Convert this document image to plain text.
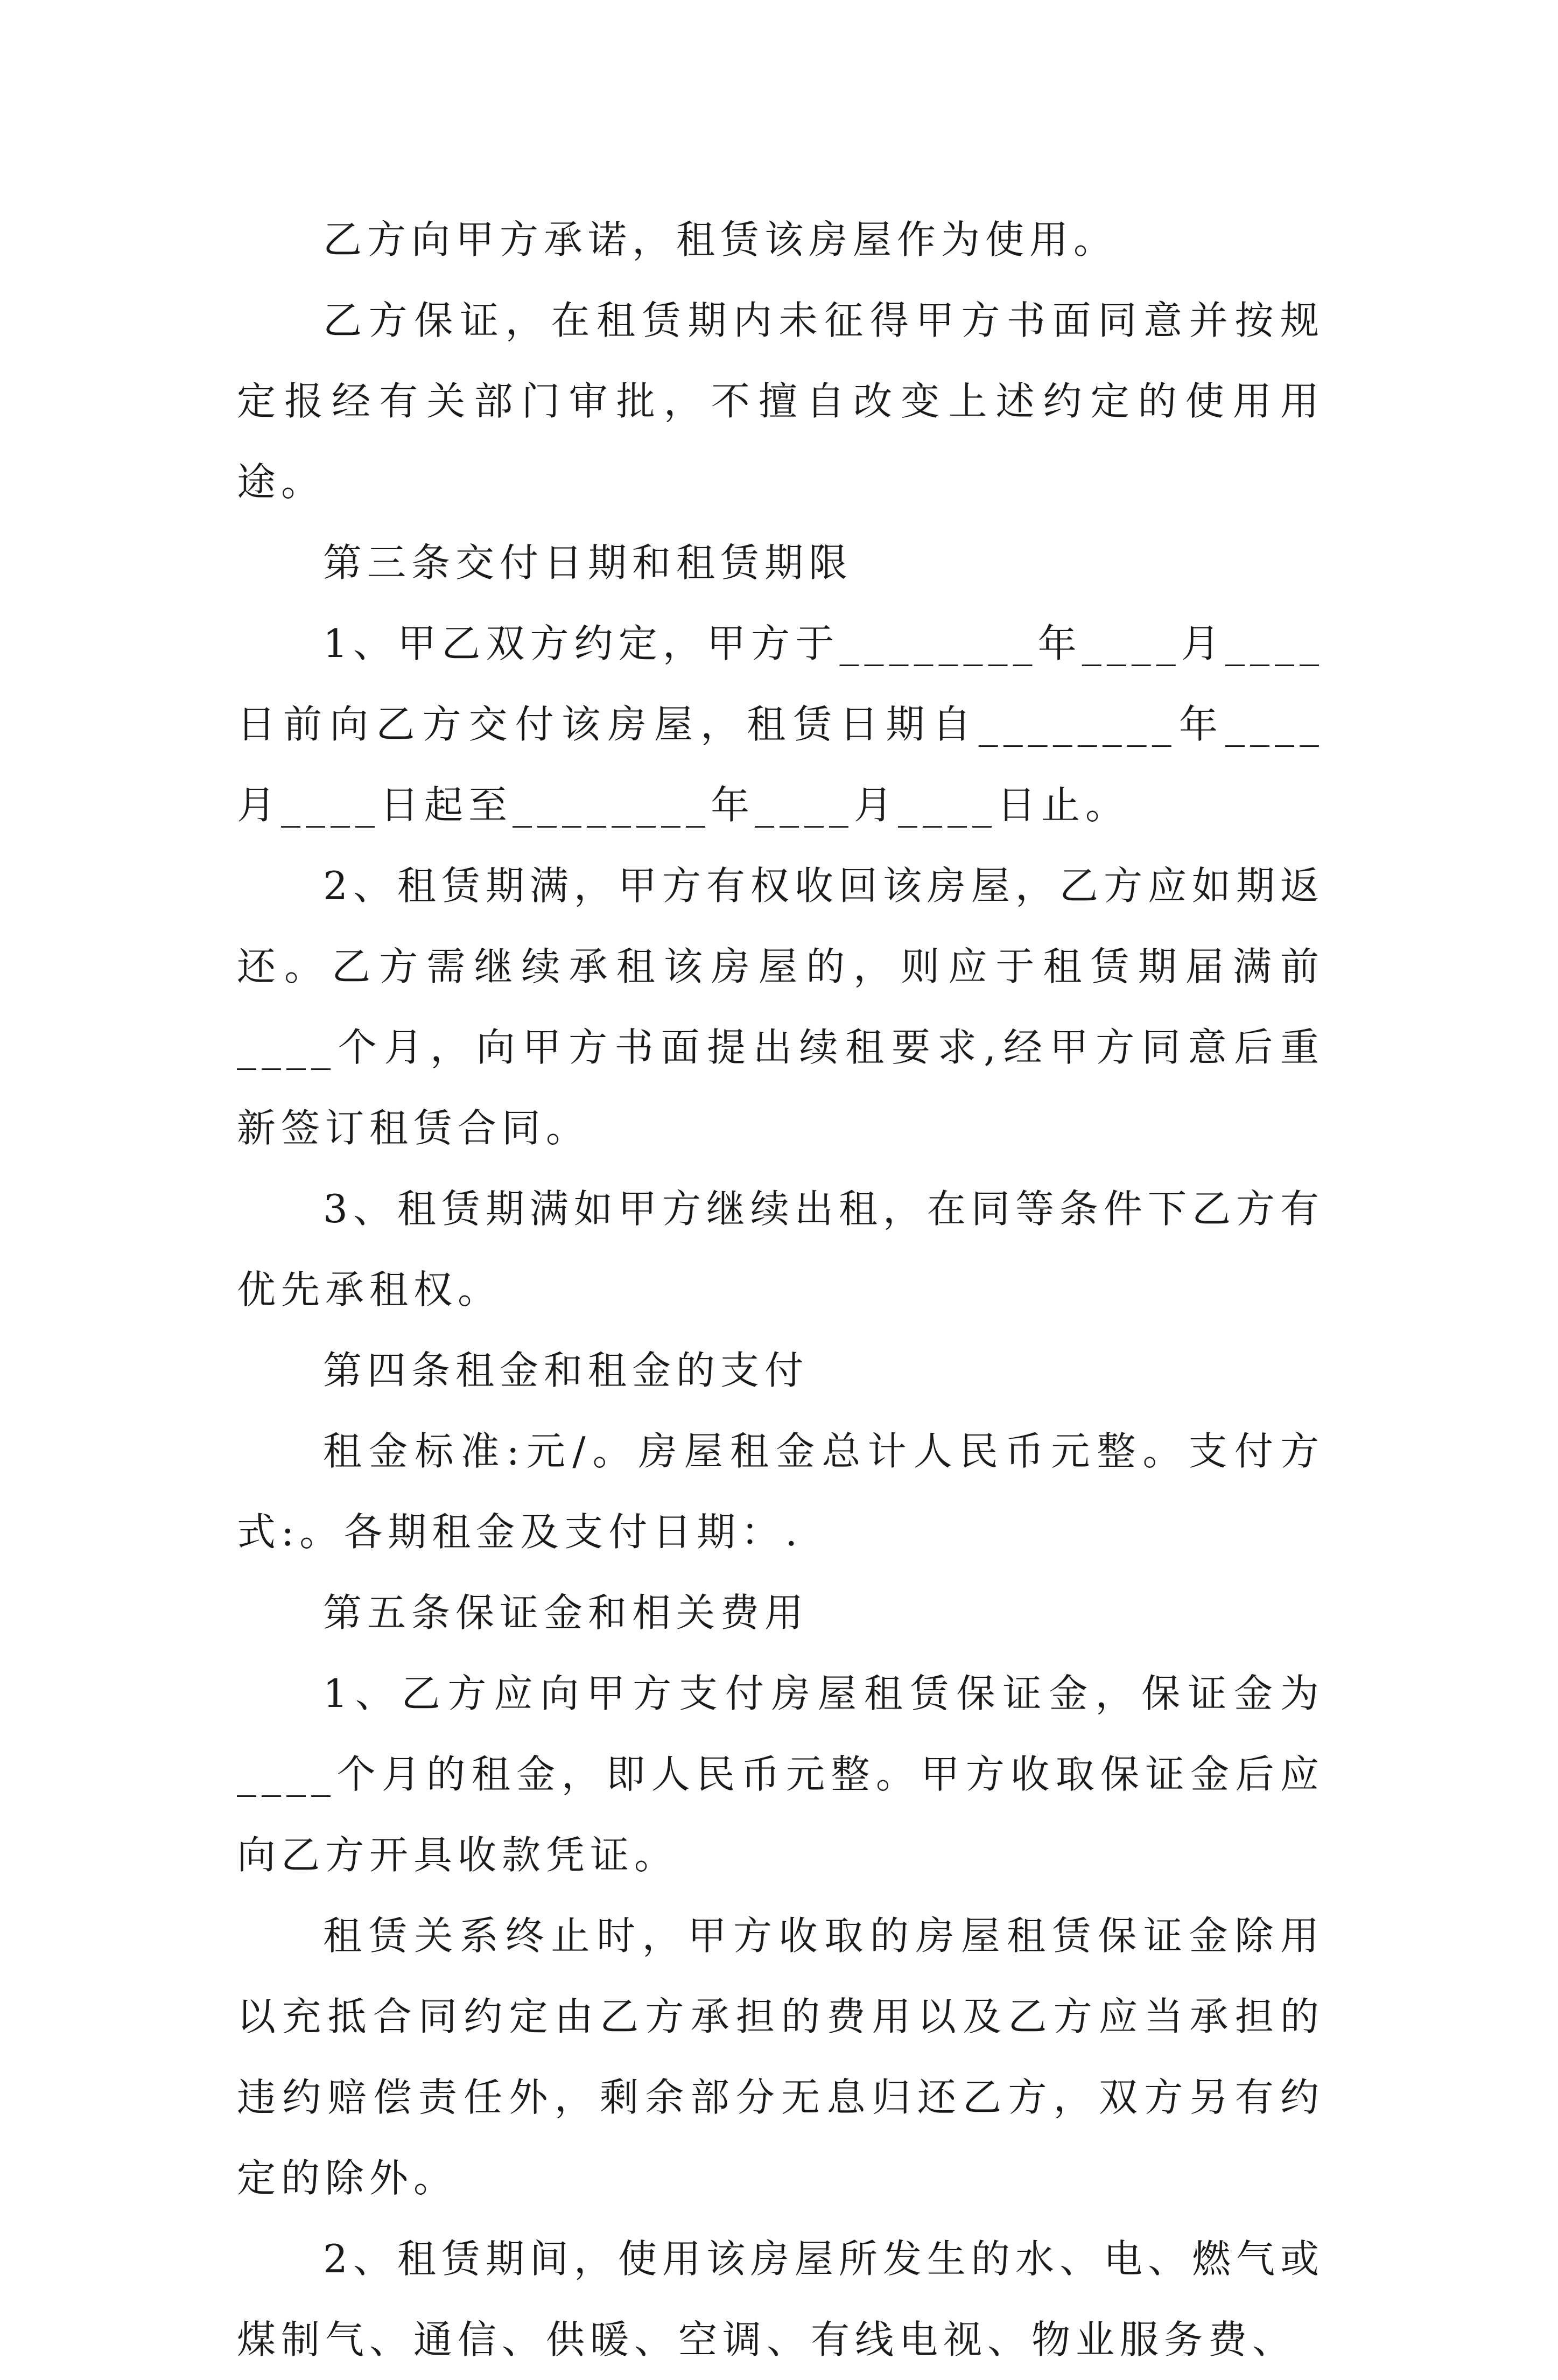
乙方向甲方承诺，租赁该房屋作为使用。

乙方保证，在租赁期内未征得甲方书面同意并按规定报经有关部门审批，不擅自改变上述约定的使用用途。

第三条交付日期和租赁期限

1、甲乙双方约定，甲方于________年____月____日前向乙方交付该房屋，租赁日期自________年____月____日起至________年____月____日止。

2、租赁期满，甲方有权收回该房屋，乙方应如期返还。乙方需继续承租该房屋的，则应于租赁期届满前____个月，向甲方书面提出续租要求,经甲方同意后重新签订租赁合同。

3、租赁期满如甲方继续出租，在同等条件下乙方有优先承租权。

第四条租金和租金的支付

租金标准:元/。房屋租金总计人民币元整。支付方式:。各期租金及支付日期：.

第五条保证金和相关费用

1、乙方应向甲方支付房屋租赁保证金，保证金为____个月的租金，即人民币元整。甲方收取保证金后应向乙方开具收款凭证。

租赁关系终止时，甲方收取的房屋租赁保证金除用以充抵合同约定由乙方承担的费用以及乙方应当承担的违约赔偿责任外，剩余部分无息归还乙方，双方另有约定的除外。

2、租赁期间，使用该房屋所发生的水、电、燃气或煤制气、通信、供暖、空调、有线电视、物业服务费、
